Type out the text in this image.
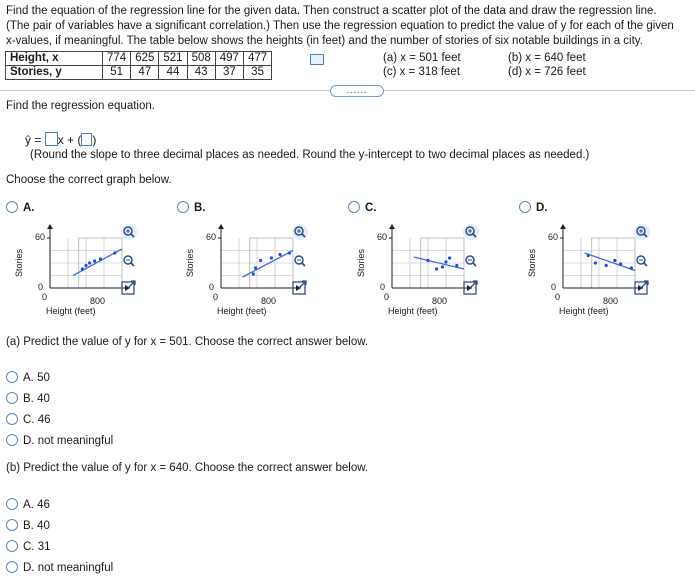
Find the equation of the regression line for the given data. Then construct a scatter plot of the data and draw the regression line.
(The pair of variables have a significant correlation.) Then use the regression equation to predict the value of y for each of the given
x-values, if meaningful. The table below shows the heights (in feet) and the number of stories of six notable buildings in a city.
Height, x	774	625	521	508	497	477
Stories, y	51	47	44	43	37	35
(a) x = 501 feet	(b) x = 640 feet
(c) x = 318 feet	(d) x = 726 feet
......
Find the regression equation.
ŷ = x + ( )
(Round the slope to three decimal places as needed. Round the y-intercept to two decimal places as needed.)
Choose the correct graph below.
A.
60
0
0	800
Height (feet)
Stories
B.
60
0
0	800
Height (feet)
Stories
C.
60
0
0	800
Height (feet)
Stories
D.
60
0
0	800
Height (feet)
Stories
(a) Predict the value of y for x = 501. Choose the correct answer below.
A. 50
B. 40
C. 46
D. not meaningful
(b) Predict the value of y for x = 640. Choose the correct answer below.
A. 46
B. 40
C. 31
D. not meaningful
